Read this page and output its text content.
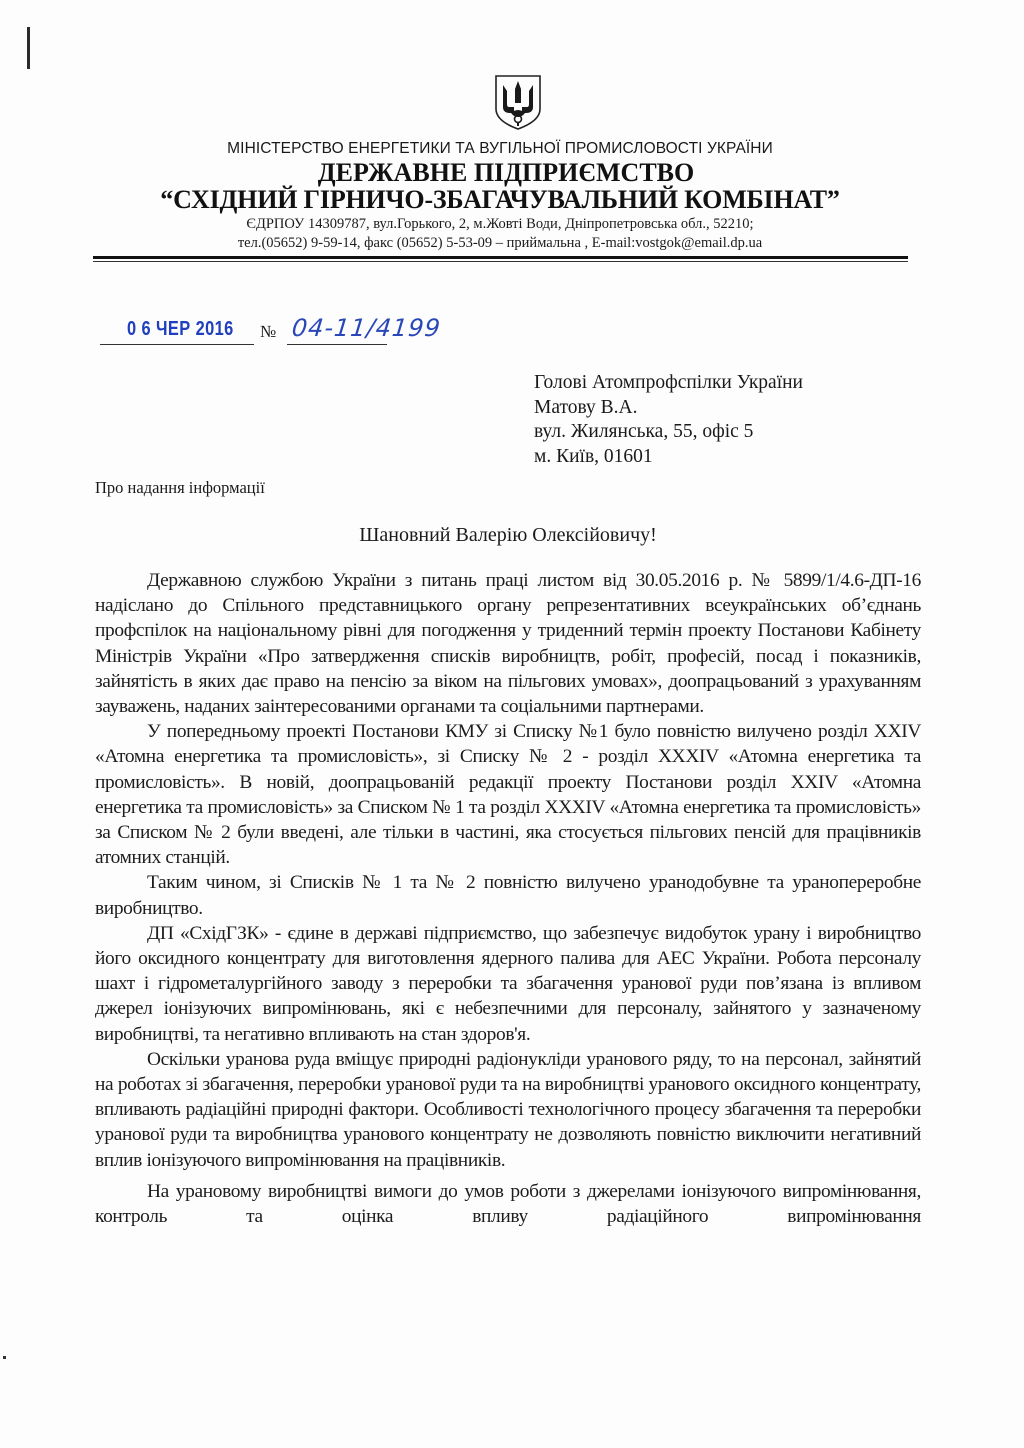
МІНІСТЕРСТВО ЕНЕРГЕТИКИ ТА ВУГІЛЬНОЇ ПРОМИСЛОВОСТІ УКРАЇНИ
ДЕРЖАВНЕ ПІДПРИЄМСТВО
“СХІДНИЙ ГІРНИЧО-ЗБАГАЧУВАЛЬНИЙ КОМБІНАТ”
ЄДРПОУ 14309787, вул.Горького, 2, м.Жовті Води, Дніпропетровська обл., 52210;
тел.(05652) 9-59-14, факс (05652) 5-53-09 – приймальна , E-mail:vostgok@email.dp.ua
0 6 ЧЕР 2016 № 04-11/4199
Голові Атомпрофспілки України
Матову В.А.
вул. Жилянська, 55, офіс 5
м. Київ, 01601
Про надання інформації
Шановний Валерію Олексійовичу!

Державною службою України з питань праці листом від 30.05.2016 р. № 5899/1/4.6-ДП-16 надіслано до Спільного представницького органу репрезентативних всеукраїнських об’єднань профспілок на національному рівні для погодження у триденний термін проекту Постанови Кабінету Міністрів України «Про затвердження списків виробництв, робіт, професій, посад і показників, зайнятість в яких дає право на пенсію за віком на пільгових умовах», доопрацьований з урахуванням зауважень, наданих заінтересованими органами та соціальними партнерами.

У попередньому проекті Постанови КМУ зі Списку №1 було повністю вилучено розділ XXIV «Атомна енергетика та промисловість», зі Списку № 2 - розділ XXXIV «Атомна енергетика та промисловість». В новій, доопрацьованій редакції проекту Постанови розділ XXIV «Атомна енергетика та промисловість» за Списком № 1 та розділ XXXIV «Атомна енергетика та промисловість» за Списком № 2 були введені, але тільки в частині, яка стосується пільгових пенсій для працівників атомних станцій.

Таким чином, зі Списків № 1 та № 2 повністю вилучено уранодобувне та уранопереробне виробництво.

ДП «СхідГЗК» - єдине в державі підприємство, що забезпечує видобуток урану і виробництво його оксидного концентрату для виготовлення ядерного палива для АЕС України. Робота персоналу шахт і гідрометалургійного заводу з переробки та збагачення уранової руди пов’язана із впливом джерел іонізуючих випромінювань, які є небезпечними для персоналу, зайнятого у зазначеному виробництві, та негативно впливають на стан здоров'я.

Оскільки уранова руда вміщує природні радіонукліди уранового ряду, то на персонал, зайнятий на роботах зі збагачення, переробки уранової руди та на виробництві уранового оксидного концентрату, впливають радіаційні природні фактори. Особливості технологічного процесу збагачення та переробки уранової руди та виробництва уранового концентрату не дозволяють повністю виключити негативний вплив іонізуючого випромінювання на працівників.

На урановому виробництві вимоги до умов роботи з джерелами іонізуючого випромінювання, контроль та оцінка впливу радіаційного випромінювання
